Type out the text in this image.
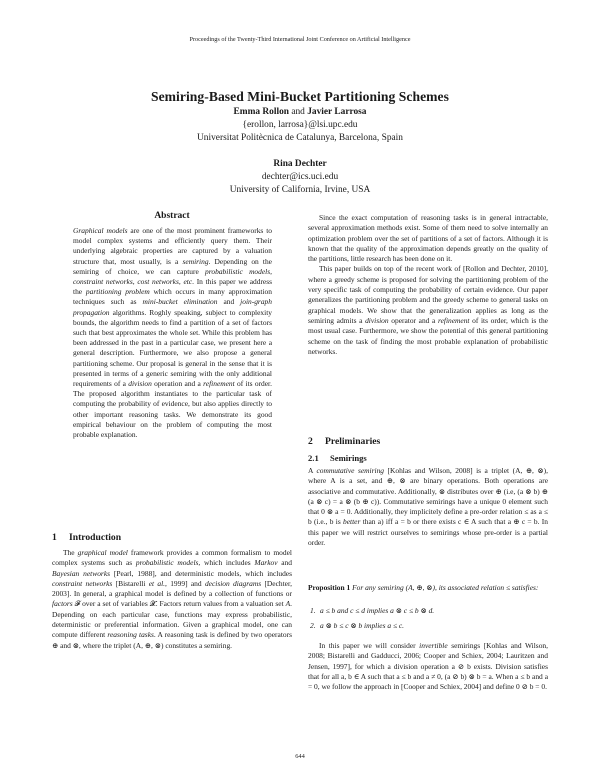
Proceedings of the Twenty-Third International Joint Conference on Artificial Intelligence
Semiring-Based Mini-Bucket Partitioning Schemes
Emma Rollon and Javier Larrosa
{erollon, larrosa}@lsi.upc.edu
Universitat Politècnica de Catalunya, Barcelona, Spain
Rina Dechter
dechter@ics.uci.edu
University of California, Irvine, USA
Abstract
Graphical models are one of the most prominent frameworks to model complex systems and efficiently query them. Their underlying algebraic properties are captured by a valuation structure that, most usually, is a semiring. Depending on the semiring of choice, we can capture probabilistic models, constraint networks, cost networks, etc. In this paper we address the partitioning problem which occurs in many approximation techniques such as mini-bucket elimination and join-graph propagation algorithms. Roghly speaking, subject to complexity bounds, the algorithm needs to find a partition of a set of factors such that best approximates the whole set. While this problem has been addressed in the past in a particular case, we present here a general description. Furthermore, we also propose a general partitioning scheme. Our proposal is general in the sense that it is presented in terms of a generic semiring with the only additional requirements of a division operation and a refinement of its order. The proposed algorithm instantiates to the particular task of computing the probability of evidence, but also applies directly to other important reasoning tasks. We demonstrate its good empirical behaviour on the problem of computing the most probable explanation.
1 Introduction

The graphical model framework provides a common formalism to model complex systems such as probabilistic models, which includes Markov and Bayesian networks [Pearl, 1988], and deterministic models, which includes constraint networks [Bistarelli et al., 1999] and decision diagrams [Dechter, 2003]. In general, a graphical model is defined by a collection of functions or factors 𝓕 over a set of variables 𝓧. Factors return values from a valuation set A. Depending on each particular case, functions may express probabilistic, deterministic or preferential information. Given a graphical model, one can compute different reasoning tasks. A reasoning task is defined by two operators ⊕ and ⊗, where the triplet (A, ⊕, ⊗) constitutes a semiring.

Since the exact computation of reasoning tasks is in general intractable, several approximation methods exist. Some of them need to solve internally an optimization problem over the set of partitions of a set of factors. Although it is known that the quality of the approximation depends greatly on the quality of the partitions, little research has been done on it.

This paper builds on top of the recent work of [Rollon and Dechter, 2010], where a greedy scheme is proposed for solving the partitioning problem of the very specific task of computing the probability of certain evidence. Our paper generalizes the partitioning problem and the greedy scheme to general tasks on graphical models. We show that the generalization applies as long as the semiring admits a division operator and a refinement of its order, which is the most usual case. Furthermore, we show the potential of this general partitioning scheme on the task of finding the most probable explanation of probabilistic networks.

2 Preliminaries
2.1 Semirings

A commutative semiring [Kohlas and Wilson, 2008] is a triplet (A, ⊕, ⊗), where A is a set, and ⊕, ⊗ are binary operations. Both operations are associative and commutative. Additionally, ⊗ distributes over ⊕ (i.e, (a ⊗ b) ⊕ (a ⊗ c) = a ⊗ (b ⊕ c)). Commutative semirings have a unique 0 element such that 0 ⊗ a = 0. Additionally, they implicitely define a pre-order relation ≤ as a ≤ b (i.e., b is better than a) iff a = b or there exists c ∈ A such that a ⊕ c = b. In this paper we will restrict ourselves to semirings whose pre-order is a partial order.

Proposition 1 For any semiring (A, ⊕, ⊗), its associated relation ≤ satisfies:
1. a ≤ b and c ≤ d implies a ⊗ c ≤ b ⊗ d.
2. a ⊗ b ≤ c ⊗ b implies a ≤ c.

In this paper we will consider invertible semirings [Kohlas and Wilson, 2008; Bistarelli and Gadducci, 2006; Cooper and Schiex, 2004; Lauritzen and Jensen, 1997], for which a division operation a ⊘ b exists. Division satisfies that for all a, b ∈ A such that a ≤ b and a ≠ 0, (a ⊘ b) ⊗ b = a. When a ≤ b and a = 0, we follow the approach in [Cooper and Schiex, 2004] and define 0 ⊘ b = 0.

644
